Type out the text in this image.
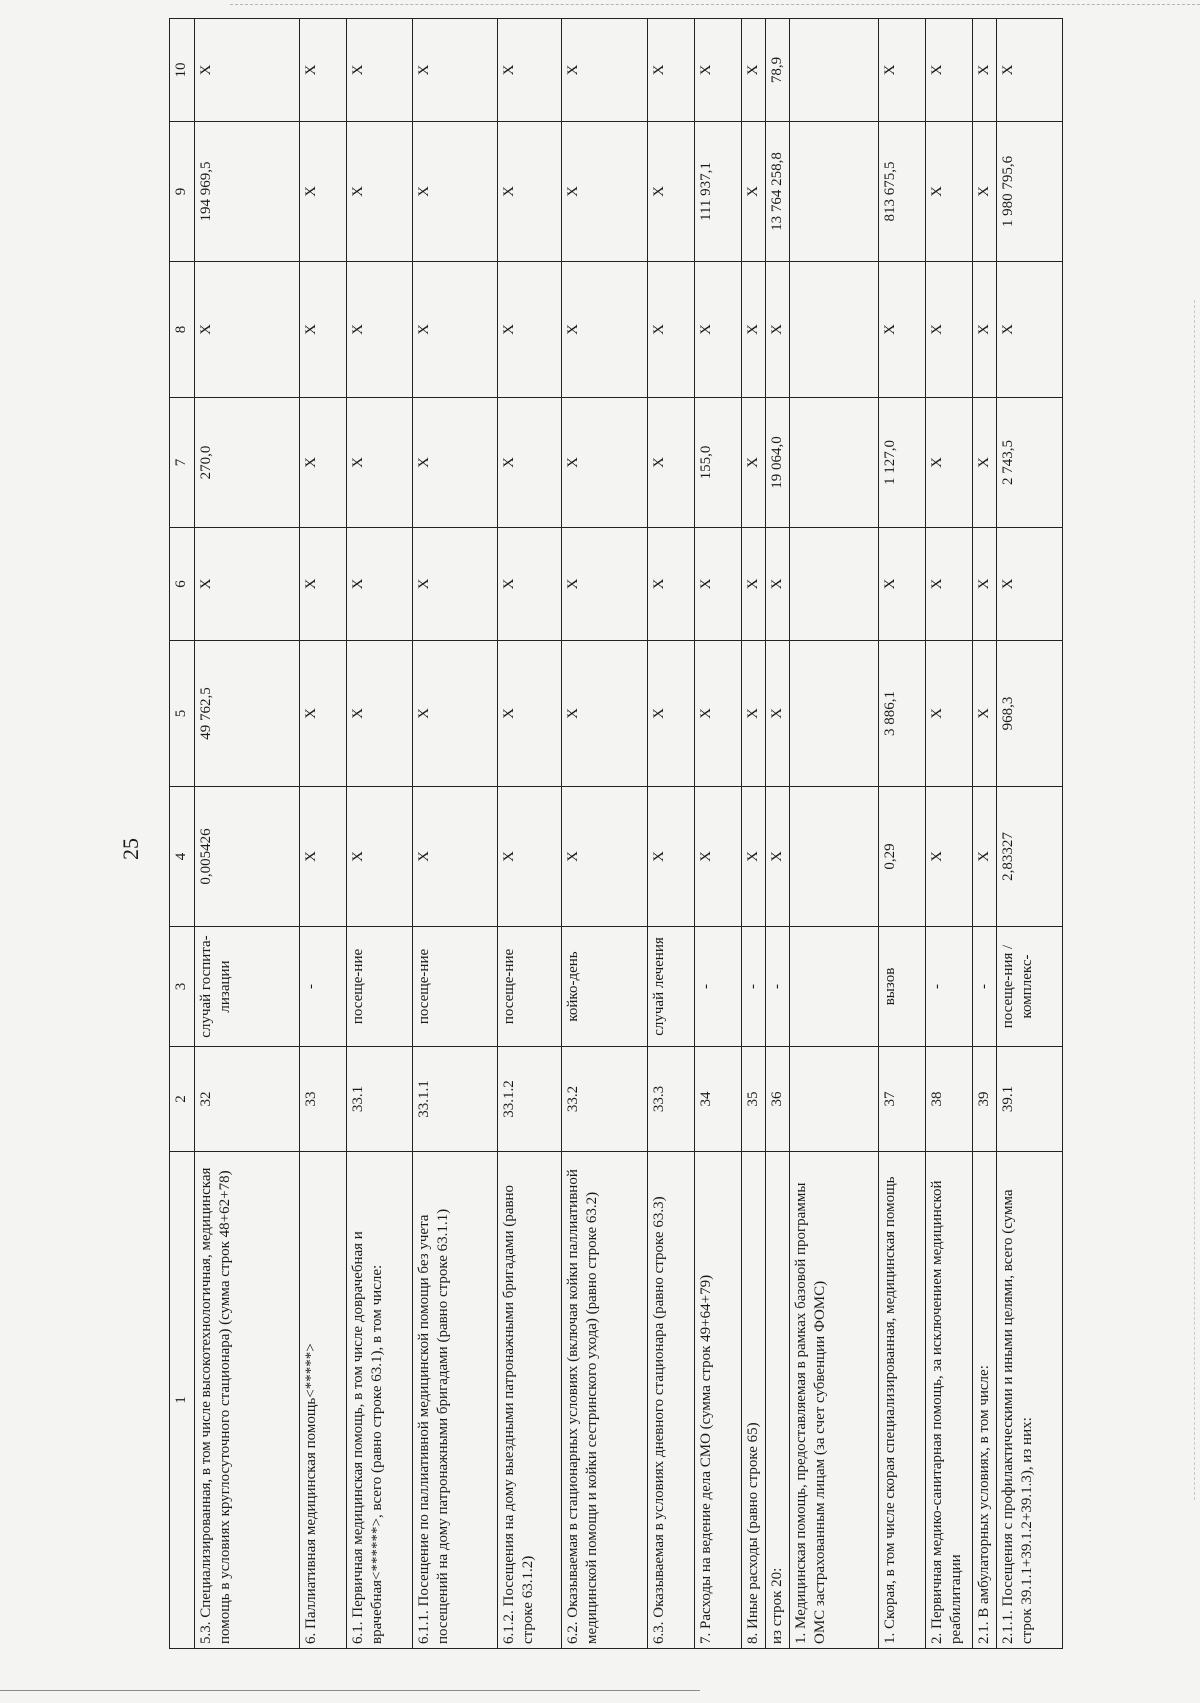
25
1	2	3	4	5	6	7	8	9	10
5.3. Специализированная, в том числе высокотехнологичная, медицинская помощь в условиях круглосуточного стационара) (сумма строк 48+62+78)	32	случай госпита-лизации	0,005426	49 762,5	X	270,0	X	194 969,5	X
6. Паллиативная медицинская помощь<*****>	33	-	X	X	X	X	X	X	X
6.1. Первичная медицинская помощь, в том числе доврачебная и врачебная<******>, всего (равно строке 63.1), в том числе:	33.1	посеще-ние	X	X	X	X	X	X	X
6.1.1. Посещение по паллиативной медицинской помощи без учета посещений на дому патронажными бригадами (равно строке 63.1.1)	33.1.1	посеще-ние	X	X	X	X	X	X	X
6.1.2. Посещения на дому выездными патронажными бригадами (равно строке 63.1.2)	33.1.2	посеще-ние	X	X	X	X	X	X	X
6.2. Оказываемая в стационарных условиях (включая койки паллиативной медицинской помощи и койки сестринского ухода) (равно строке 63.2)	33.2	койко-день	X	X	X	X	X	X	X
6.3. Оказываемая в условиях дневного стационара (равно строке 63.3)	33.3	случай лечения	X	X	X	X	X	X	X
7. Расходы на ведение дела СМО (сумма строк 49+64+79)	34	-	X	X	X	155,0	X	111 937,1	X
8. Иные расходы (равно строке 65)	35	-	X	X	X	X	X	X	X
из строк 20:	36	-	X	X	X	19 064,0	X	13 764 258,8	78,9
1. Медицинская помощь, предоставляемая в рамках базовой программы ОМС застрахованным лицам (за счет субвенции ФОМС)									
1. Скорая, в том числе скорая специализированная, медицинская помощь	37	вызов	0,29	3 886,1	X	1 127,0	X	813 675,5	X
2. Первичная медико-санитарная помощь, за исключением медицинской реабилитации	38	-	X	X	X	X	X	X	X
2.1. В амбулаторных условиях, в том числе:	39	-	X	X	X	X	X	X	X
2.1.1. Посещения с профилактическими и иными целями, всего (сумма строк 39.1.1+39.1.2+39.1.3), из них:	39.1	посеще-ния / комплекс-	2,83327	968,3	X	2 743,5	X	1 980 795,6	X
